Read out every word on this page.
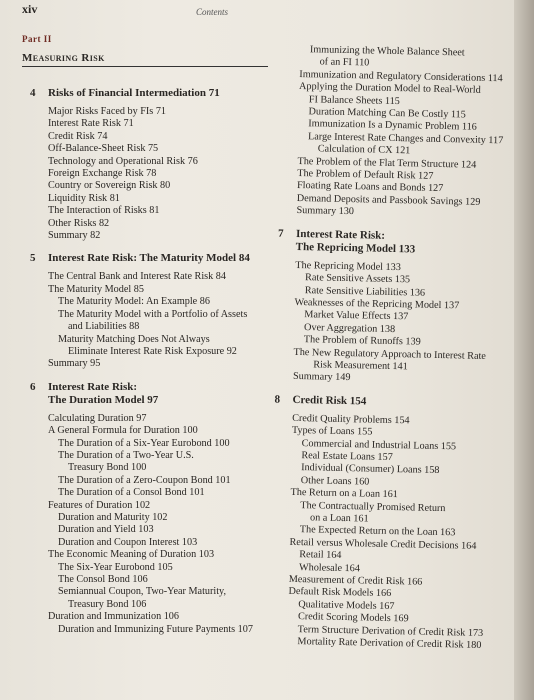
xiv	Contents
Part II
Measuring Risk
4 Risks of Financial Intermediation 71
Major Risks Faced by FIs 71
Interest Rate Risk 71
Credit Risk 74
Off-Balance-Sheet Risk 75
Technology and Operational Risk 76
Foreign Exchange Risk 78
Country or Sovereign Risk 80
Liquidity Risk 81
The Interaction of Risks 81
Other Risks 82
Summary 82
5 Interest Rate Risk: The Maturity Model 84
The Central Bank and Interest Rate Risk 84
The Maturity Model 85
The Maturity Model: An Example 86
The Maturity Model with a Portfolio of Assets
and Liabilities 88
Maturity Matching Does Not Always
Eliminate Interest Rate Risk Exposure 92
Summary 95
6 Interest Rate Risk:
The Duration Model 97
Calculating Duration 97
A General Formula for Duration 100
The Duration of a Six-Year Eurobond 100
The Duration of a Two-Year U.S.
Treasury Bond 100
The Duration of a Zero-Coupon Bond 101
The Duration of a Consol Bond 101
Features of Duration 102
Duration and Maturity 102
Duration and Yield 103
Duration and Coupon Interest 103
The Economic Meaning of Duration 103
The Six-Year Eurobond 105
The Consol Bond 106
Semiannual Coupon, Two-Year Maturity,
Treasury Bond 106
Duration and Immunization 106
Duration and Immunizing Future Payments 107
Immunizing the Whole Balance Sheet
of an FI 110
Immunization and Regulatory Considerations 114
Applying the Duration Model to Real-World
FI Balance Sheets 115
Duration Matching Can Be Costly 115
Immunization Is a Dynamic Problem 116
Large Interest Rate Changes and Convexity 117
Calculation of CX 121
The Problem of the Flat Term Structure 124
The Problem of Default Risk 127
Floating Rate Loans and Bonds 127
Demand Deposits and Passbook Savings 129
Summary 130
7 Interest Rate Risk:
The Repricing Model 133
The Repricing Model 133
Rate Sensitive Assets 135
Rate Sensitive Liabilities 136
Weaknesses of the Repricing Model 137
Market Value Effects 137
Over Aggregation 138
The Problem of Runoffs 139
The New Regulatory Approach to Interest Rate
Risk Measurement 141
Summary 149
8 Credit Risk 154
Credit Quality Problems 154
Types of Loans 155
Commercial and Industrial Loans 155
Real Estate Loans 157
Individual (Consumer) Loans 158
Other Loans 160
The Return on a Loan 161
The Contractually Promised Return
on a Loan 161
The Expected Return on the Loan 163
Retail versus Wholesale Credit Decisions 164
Retail 164
Wholesale 164
Measurement of Credit Risk 166
Default Risk Models 166
Qualitative Models 167
Credit Scoring Models 169
Term Structure Derivation of Credit Risk 173
Mortality Rate Derivation of Credit Risk 180
